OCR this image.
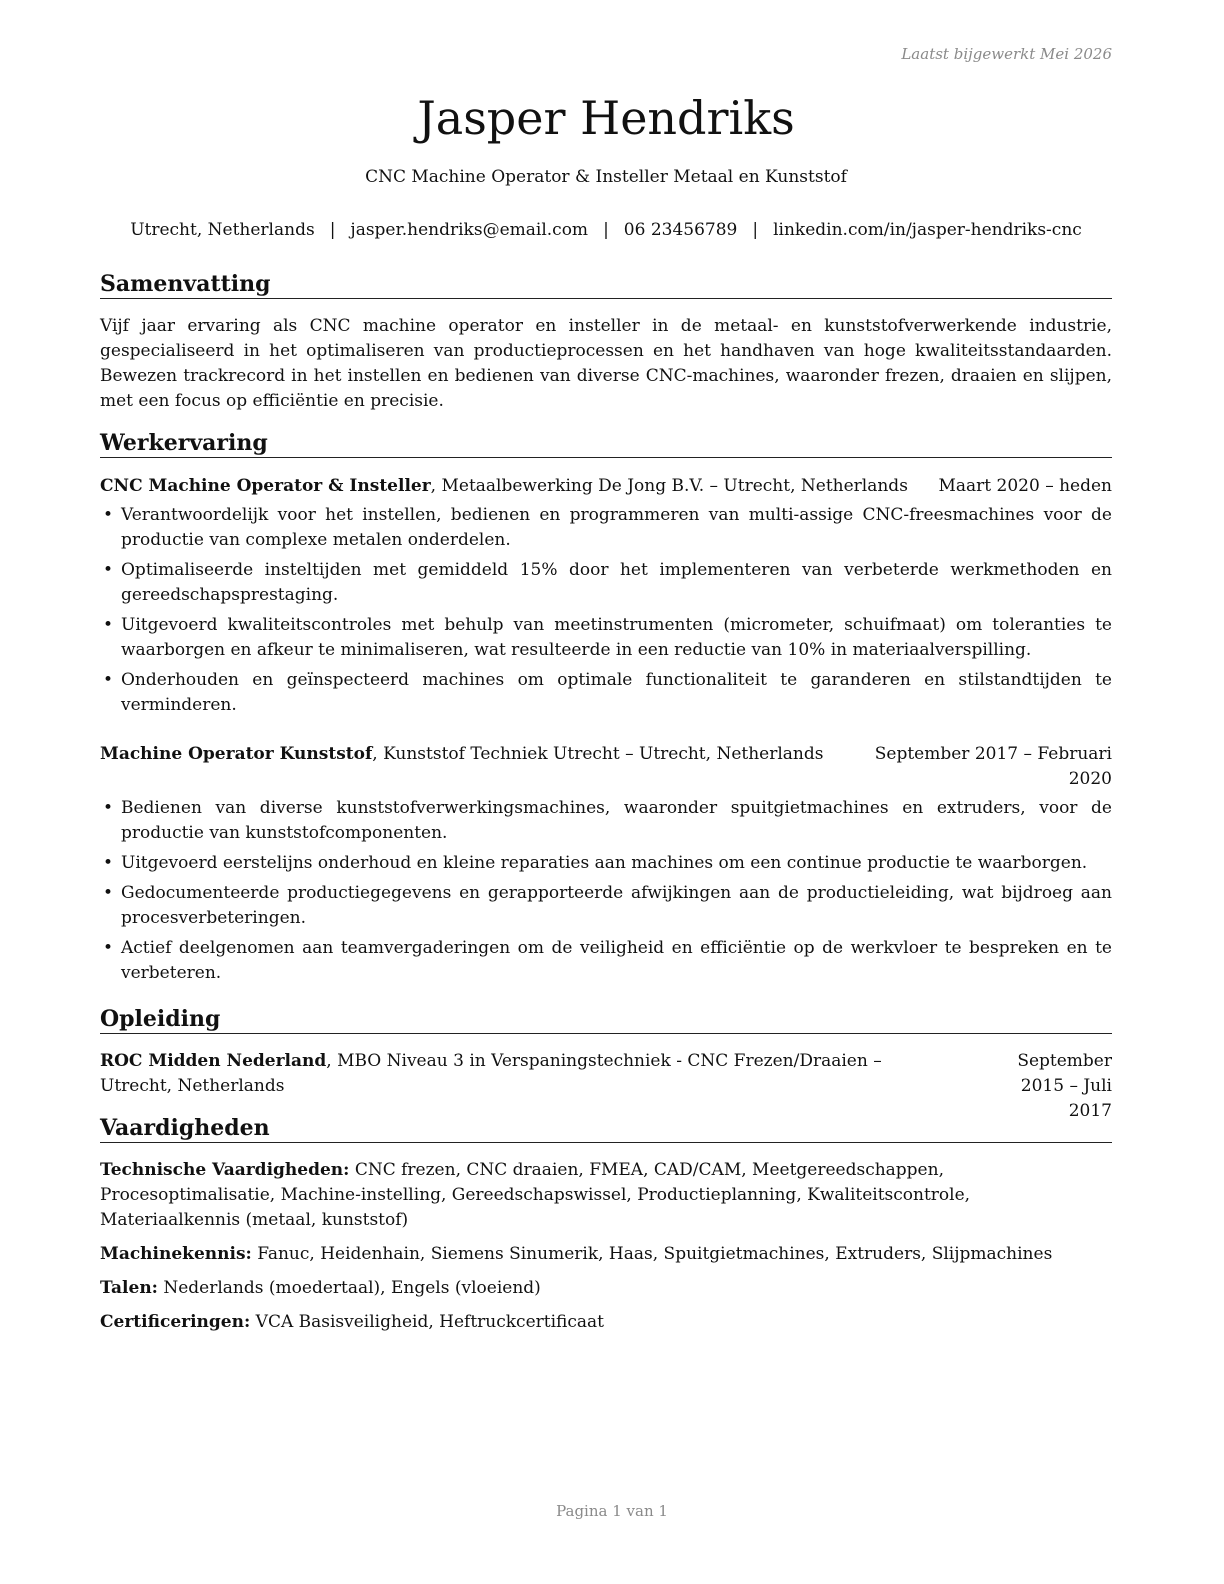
Laatst bijgewerkt Mei 2026
Jasper Hendriks
CNC Machine Operator & Insteller Metaal en Kunststof
Utrecht, Netherlands | jasper.hendriks@email.com | 06 23456789 | linkedin.com/in/jasper-hendriks-cnc
Samenvatting
Vijf jaar ervaring als CNC machine operator en insteller in de metaal- en kunststofverwerkende industrie, gespecialiseerd in het optimaliseren van productieprocessen en het handhaven van hoge kwaliteitsstandaarden. Bewezen trackrecord in het instellen en bedienen van diverse CNC-machines, waaronder frezen, draaien en slijpen, met een focus op efficiëntie en precisie.
Werkervaring
CNC Machine Operator & Insteller, Metaalbewerking De Jong B.V. – Utrecht, Netherlands	Maart 2020 – heden
• Verantwoordelijk voor het instellen, bedienen en programmeren van multi-assige CNC-freesmachines voor de productie van complexe metalen onderdelen.
• Optimaliseerde insteltijden met gemiddeld 15% door het implementeren van verbeterde werkmethoden en gereedschapsprestaging.
• Uitgevoerd kwaliteitscontroles met behulp van meetinstrumenten (micrometer, schuifmaat) om toleranties te waarborgen en afkeur te minimaliseren, wat resulteerde in een reductie van 10% in materiaalverspilling.
• Onderhouden en geïnspecteerd machines om optimale functionaliteit te garanderen en stilstandtijden te verminderen.
Machine Operator Kunststof, Kunststof Techniek Utrecht – Utrecht, Netherlands	September 2017 – Februari 2020
• Bedienen van diverse kunststofverwerkingsmachines, waaronder spuitgietmachines en extruders, voor de productie van kunststofcomponenten.
• Uitgevoerd eerstelijns onderhoud en kleine reparaties aan machines om een continue productie te waarborgen.
• Gedocumenteerde productiegegevens en gerapporteerde afwijkingen aan de productieleiding, wat bijdroeg aan procesverbeteringen.
• Actief deelgenomen aan teamvergaderingen om de veiligheid en efficiëntie op de werkvloer te bespreken en te verbeteren.
Opleiding
ROC Midden Nederland, MBO Niveau 3 in Verspaningstechniek - CNC Frezen/Draaien – Utrecht, Netherlands
September 2015 – Juli 2017
Vaardigheden
Technische Vaardigheden: CNC frezen, CNC draaien, FMEA, CAD/CAM, Meetgereedschappen, Procesoptimalisatie, Machine-instelling, Gereedschapswissel, Productieplanning, Kwaliteitscontrole, Materiaalkennis (metaal, kunststof)
Machinekennis: Fanuc, Heidenhain, Siemens Sinumerik, Haas, Spuitgietmachines, Extruders, Slijpmachines
Talen: Nederlands (moedertaal), Engels (vloeiend)
Certificeringen: VCA Basisveiligheid, Heftruckcertificaat
Pagina 1 van 1
